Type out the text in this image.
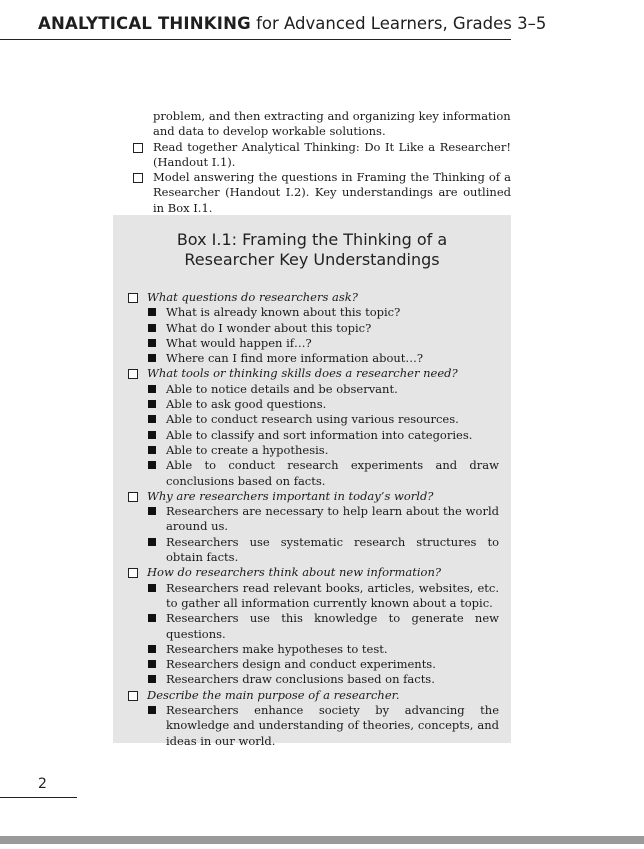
ANALYTICAL THINKING for Advanced Learners, Grades 3–5

problem, and then extracting and organizing key information and data to develop workable solutions.

Read together Analytical Thinking: Do It Like a Researcher! (Handout I.1).
Model answering the questions in Framing the Thinking of a Researcher (Handout I.2). Key understandings are outlined in Box I.1.
Box I.1: Framing the Thinking of a
Researcher Key Understandings
What questions do researchers ask?
What is already known about this topic?
What do I wonder about this topic?
What would happen if…?
Where can I find more information about…?
What tools or thinking skills does a researcher need?
Able to notice details and be observant.
Able to ask good questions.
Able to conduct research using various resources.
Able to classify and sort information into categories.
Able to create a hypothesis.
Able to conduct research experiments and draw conclusions based on facts.
Why are researchers important in today’s world?
Researchers are necessary to help learn about the world around us.
Researchers use systematic research structures to obtain facts.
How do researchers think about new information?
Researchers read relevant books, articles, websites, etc. to gather all information currently known about a topic.
Researchers use this knowledge to generate new questions.
Researchers make hypotheses to test.
Researchers design and conduct experiments.
Researchers draw conclusions based on facts.
Describe the main purpose of a researcher.
Researchers enhance society by advancing the knowledge and understanding of theories, concepts, and ideas in our world.
2
